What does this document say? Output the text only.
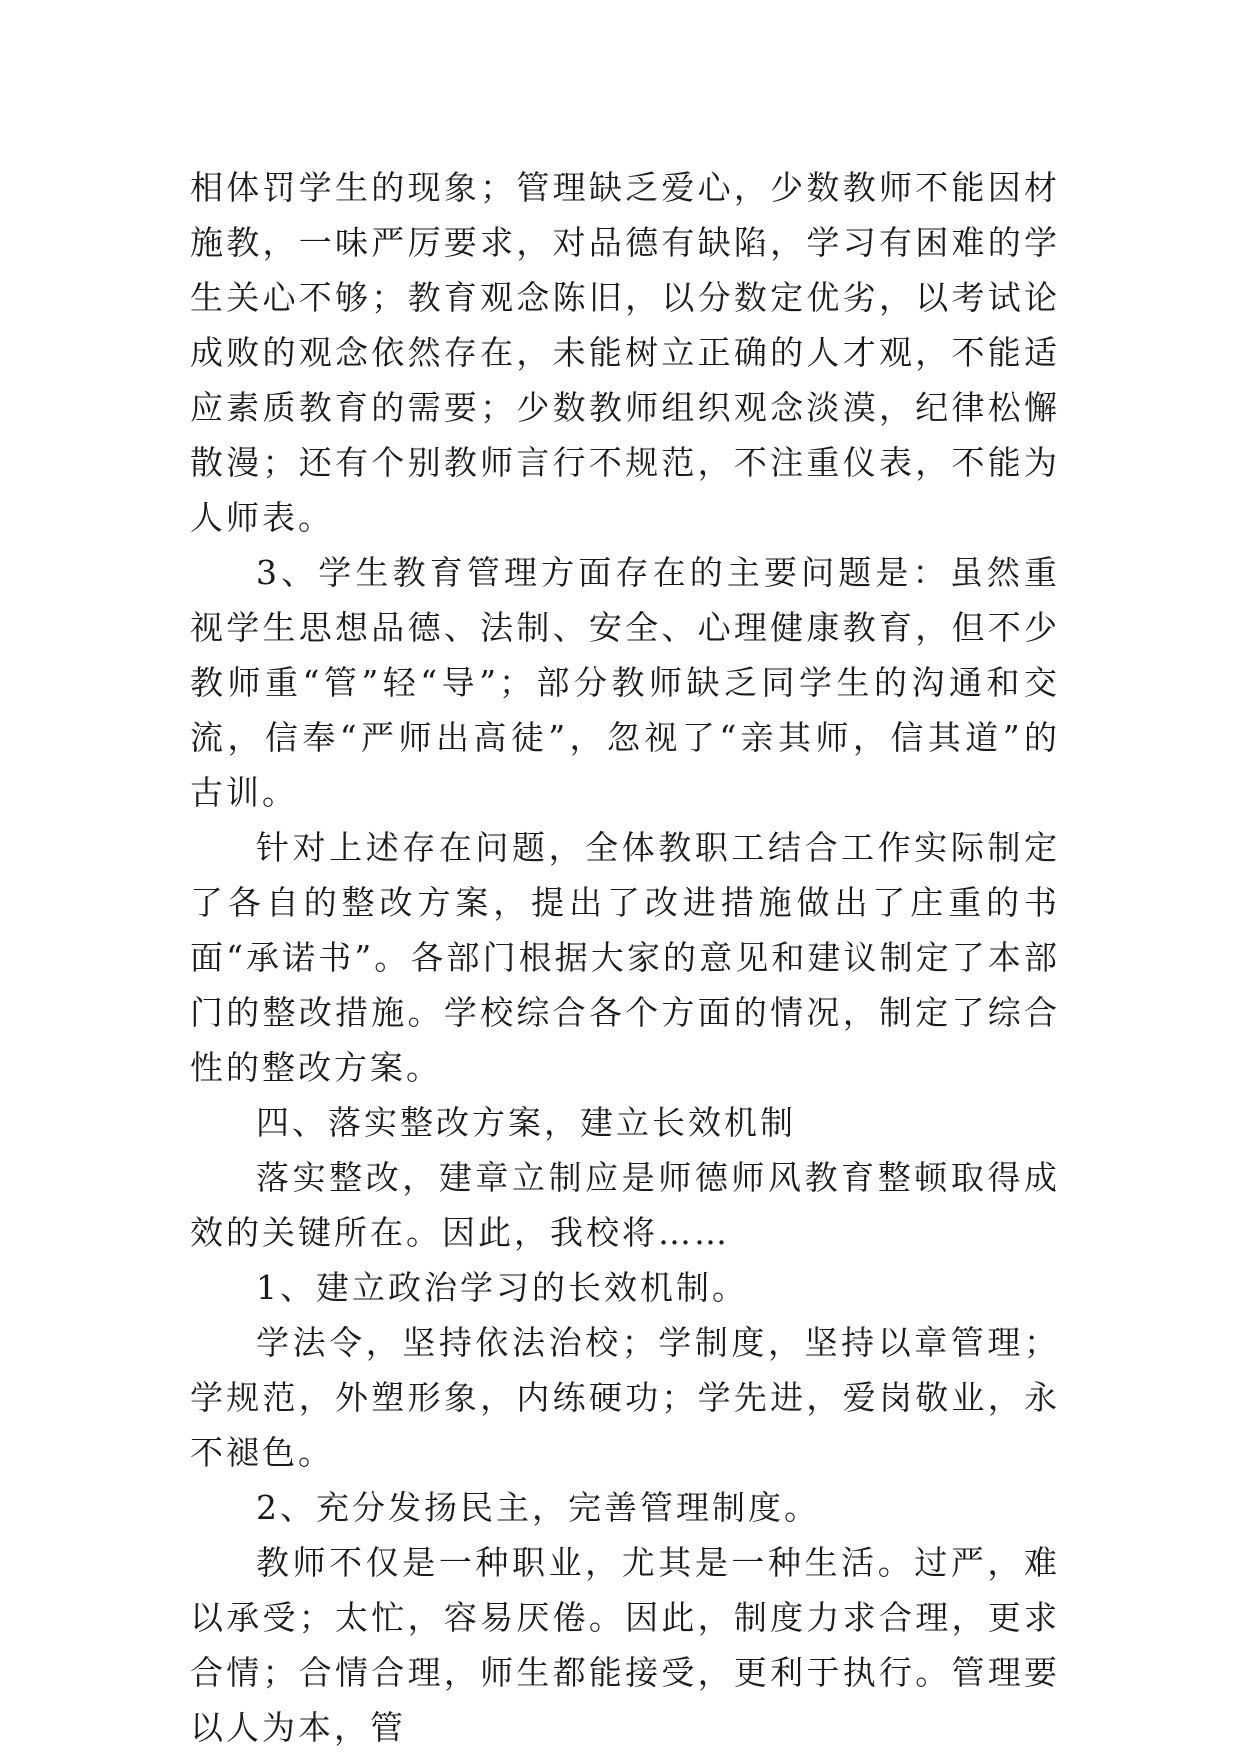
相体罚学生的现象；管理缺乏爱心，少数教师不能因材施教，一味严厉要求，对品德有缺陷，学习有困难的学生关心不够；教育观念陈旧，以分数定优劣，以考试论成败的观念依然存在，未能树立正确的人才观，不能适应素质教育的需要；少数教师组织观念淡漠，纪律松懈散漫；还有个别教师言行不规范，不注重仪表，不能为人师表。

3、学生教育管理方面存在的主要问题是：虽然重视学生思想品德、法制、安全、心理健康教育，但不少教师重“管”轻“导”；部分教师缺乏同学生的沟通和交流，信奉“严师出高徒”，忽视了“亲其师，信其道”的古训。

针对上述存在问题，全体教职工结合工作实际制定了各自的整改方案，提出了改进措施做出了庄重的书面“承诺书”。各部门根据大家的意见和建议制定了本部门的整改措施。学校综合各个方面的情况，制定了综合性的整改方案。

四、落实整改方案，建立长效机制

落实整改，建章立制应是师德师风教育整顿取得成效的关键所在。因此，我校将……

1、建立政治学习的长效机制。

学法令，坚持依法治校；学制度，坚持以章管理；学规范，外塑形象，内练硬功；学先进，爱岗敬业，永不褪色。

2、充分发扬民主，完善管理制度。

教师不仅是一种职业，尤其是一种生活。过严，难以承受；太忙，容易厌倦。因此，制度力求合理，更求合情；合情合理，师生都能接受，更利于执行。管理要以人为本，管
